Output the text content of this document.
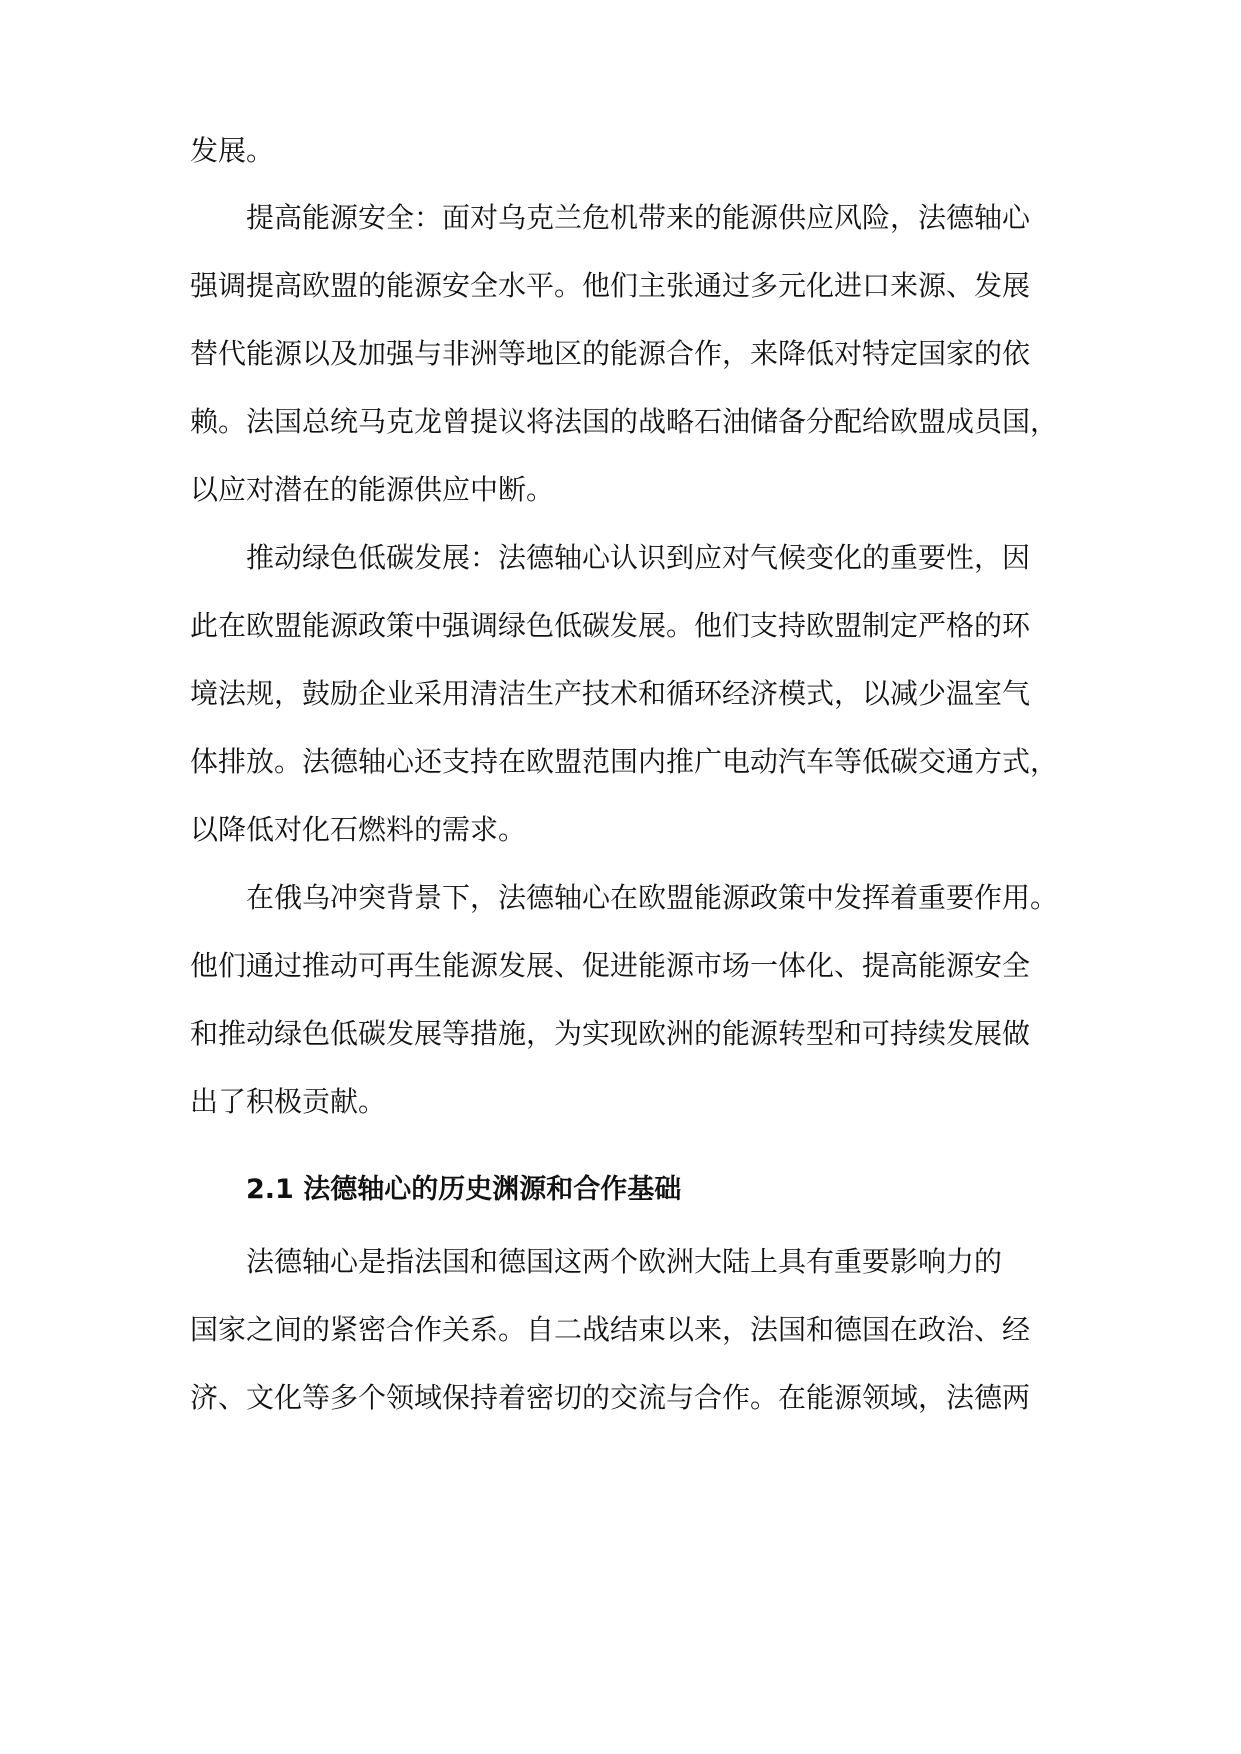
发展。
提高能源安全：面对乌克兰危机带来的能源供应风险，法德轴心
强调提高欧盟的能源安全水平。他们主张通过多元化进口来源、发展
替代能源以及加强与非洲等地区的能源合作，来降低对特定国家的依
赖。法国总统马克龙曾提议将法国的战略石油储备分配给欧盟成员国，
以应对潜在的能源供应中断。
推动绿色低碳发展：法德轴心认识到应对气候变化的重要性，因
此在欧盟能源政策中强调绿色低碳发展。他们支持欧盟制定严格的环
境法规，鼓励企业采用清洁生产技术和循环经济模式，以减少温室气
体排放。法德轴心还支持在欧盟范围内推广电动汽车等低碳交通方式，
以降低对化石燃料的需求。
在俄乌冲突背景下，法德轴心在欧盟能源政策中发挥着重要作用。
他们通过推动可再生能源发展、促进能源市场一体化、提高能源安全
和推动绿色低碳发展等措施，为实现欧洲的能源转型和可持续发展做
出了积极贡献。
2.1 法德轴心的历史渊源和合作基础
法德轴心是指法国和德国这两个欧洲大陆上具有重要影响力的
国家之间的紧密合作关系。自二战结束以来，法国和德国在政治、经
济、文化等多个领域保持着密切的交流与合作。在能源领域，法德两
